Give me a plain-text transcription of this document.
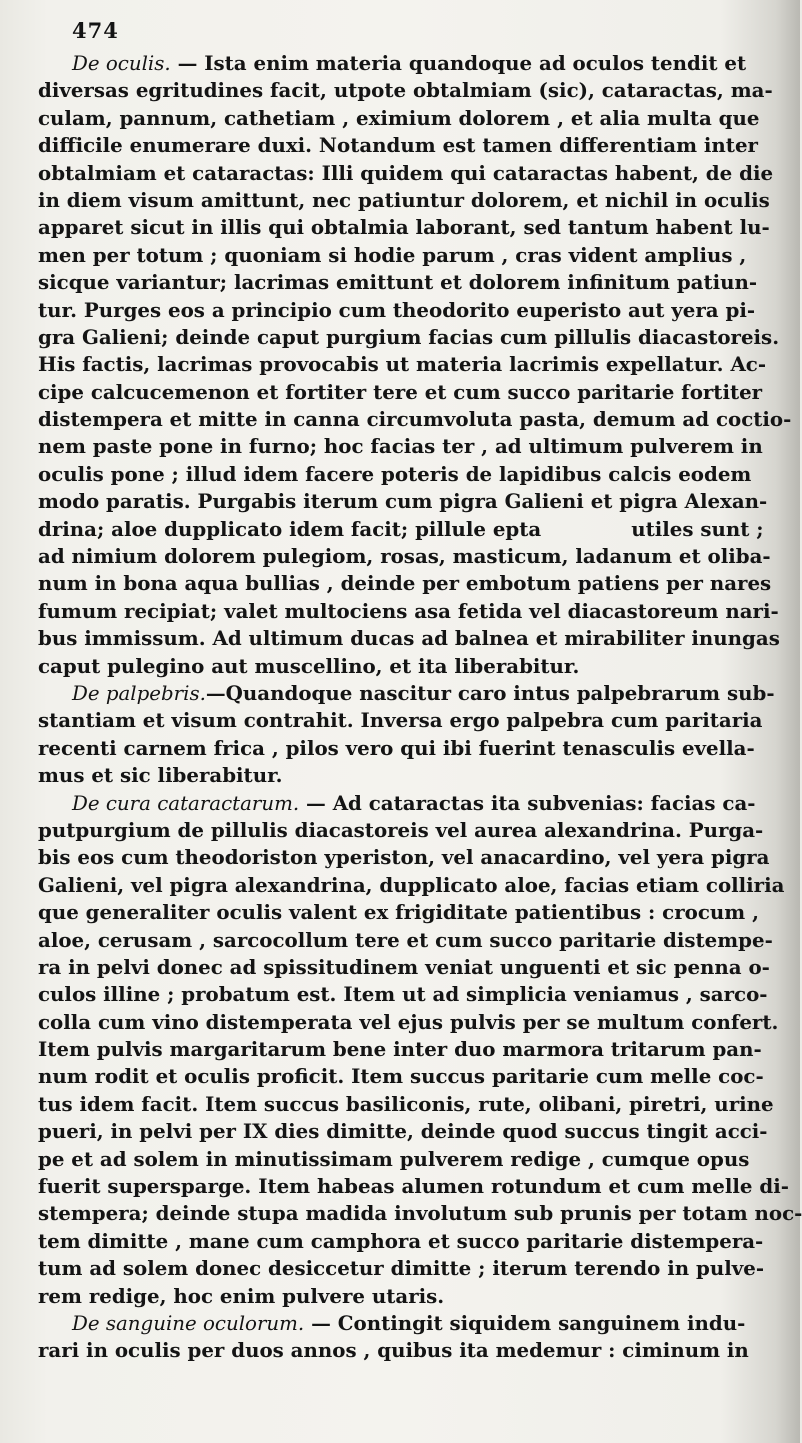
474
De oculis. — Ista enim materia quandoque ad oculos tendit et
diversas egritudines facit, utpote obtalmiam (sic), cataractas, ma-
culam, pannum, cathetiam , eximium dolorem , et alia multa que
difficile enumerare duxi. Notandum est tamen differentiam inter
obtalmiam et cataractas: Illi quidem qui cataractas habent, de die
in diem visum amittunt, nec patiuntur dolorem, et nichil in oculis
apparet sicut in illis qui obtalmia laborant, sed tantum habent lu-
men per totum ; quoniam si hodie parum , cras vident amplius ,
sicque variantur; lacrimas emittunt et dolorem infinitum patiun-
tur. Purges eos a principio cum theodorito euperisto aut yera pi-
gra Galieni; deinde caput purgium facias cum pillulis diacastoreis.
His factis, lacrimas provocabis ut materia lacrimis expellatur. Ac-
cipe calcucemenon et fortiter tere et cum succo paritarie fortiter
distempera et mitte in canna circumvoluta pasta, demum ad coctio-
nem paste pone in furno; hoc facias ter , ad ultimum pulverem in
oculis pone ; illud idem facere poteris de lapidibus calcis eodem
modo paratis. Purgabis iterum cum pigra Galieni et pigra Alexan-
drina; aloe dupplicato idem facit; pillule epta	utiles sunt ;
ad nimium dolorem pulegiom, rosas, masticum, ladanum et oliba-
num in bona aqua bullias , deinde per embotum patiens per nares
fumum recipiat; valet multociens asa fetida vel diacastoreum nari-
bus immissum. Ad ultimum ducas ad balnea et mirabiliter inungas
caput pulegino aut muscellino, et ita liberabitur.
De palpebris.—Quandoque nascitur caro intus palpebrarum sub-
stantiam et visum contrahit. Inversa ergo palpebra cum paritaria
recenti carnem frica , pilos vero qui ibi fuerint tenasculis evella-
mus et sic liberabitur.
De cura cataractarum. — Ad cataractas ita subvenias: facias ca-
putpurgium de pillulis diacastoreis vel aurea alexandrina. Purga-
bis eos cum theodoriston yperiston, vel anacardino, vel yera pigra
Galieni, vel pigra alexandrina, dupplicato aloe, facias etiam colliria
que generaliter oculis valent ex frigiditate patientibus : crocum ,
aloe, cerusam , sarcocollum tere et cum succo paritarie distempe-
ra in pelvi donec ad spissitudinem veniat unguenti et sic penna o-
culos illine ; probatum est. Item ut ad simplicia veniamus , sarco-
colla cum vino distemperata vel ejus pulvis per se multum confert.
Item pulvis margaritarum bene inter duo marmora tritarum pan-
num rodit et oculis proficit. Item succus paritarie cum melle coc-
tus idem facit. Item succus basiliconis, rute, olibani, piretri, urine
pueri, in pelvi per IX dies dimitte, deinde quod succus tingit acci-
pe et ad solem in minutissimam pulverem redige , cumque opus
fuerit supersparge. Item habeas alumen rotundum et cum melle di-
stempera; deinde stupa madida involutum sub prunis per totam noc-
tem dimitte , mane cum camphora et succo paritarie distempera-
tum ad solem donec desiccetur dimitte ; iterum terendo in pulve-
rem redige, hoc enim pulvere utaris.
De sanguine oculorum. — Contingit siquidem sanguinem indu-
rari in oculis per duos annos , quibus ita medemur : ciminum in
